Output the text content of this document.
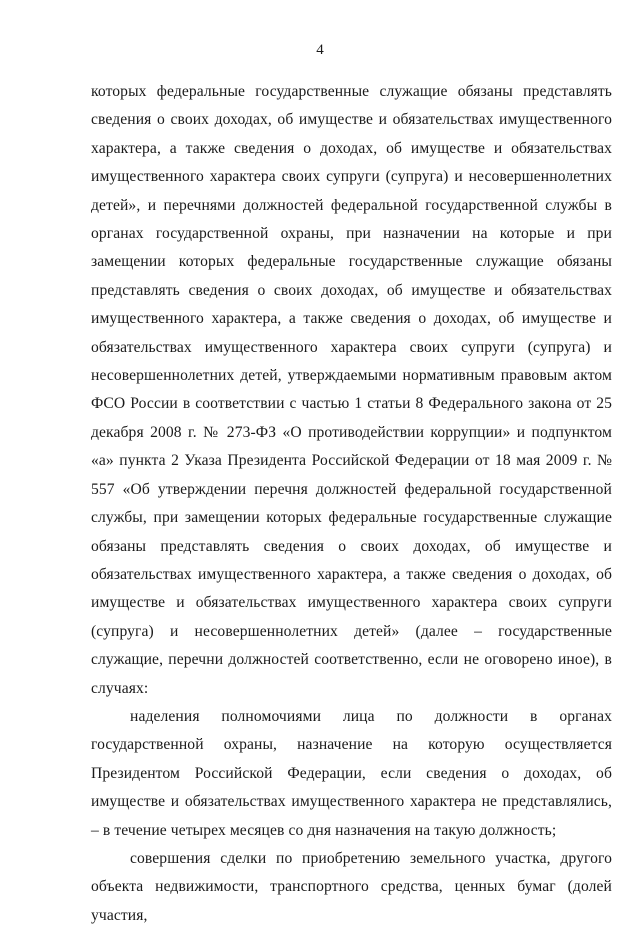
4

которых федеральные государственные служащие обязаны представлять сведения о своих доходах, об имуществе и обязательствах имущественного характера, а также сведения о доходах, об имуществе и обязательствах имущественного характера своих супруги (супруга) и несовершеннолетних детей», и перечнями должностей федеральной государственной службы в органах государственной охраны, при назначении на которые и при замещении которых федеральные государственные служащие обязаны представлять сведения о своих доходах, об имуществе и обязательствах имущественного характера, а также сведения о доходах, об имуществе и обязательствах имущественного характера своих супруги (супруга) и несовершеннолетних детей, утверждаемыми нормативным правовым актом ФСО России в соответствии с частью 1 статьи 8 Федерального закона от 25 декабря 2008 г. № 273-ФЗ «О противодействии коррупции» и подпунктом «а» пункта 2 Указа Президента Российской Федерации от 18 мая 2009 г. № 557 «Об утверждении перечня должностей федеральной государственной службы, при замещении которых федеральные государственные служащие обязаны представлять сведения о своих доходах, об имуществе и обязательствах имущественного характера, а также сведения о доходах, об имуществе и обязательствах имущественного характера своих супруги (супруга) и несовершеннолетних детей» (далее – государственные служащие, перечни должностей соответственно, если не оговорено иное), в случаях:

наделения полномочиями лица по должности в органах государственной охраны, назначение на которую осуществляется Президентом Российской Федерации, если сведения о доходах, об имуществе и обязательствах имущественного характера не представлялись, – в течение четырех месяцев со дня назначения на такую должность;

совершения сделки по приобретению земельного участка, другого объекта недвижимости, транспортного средства, ценных бумаг (долей участия,
